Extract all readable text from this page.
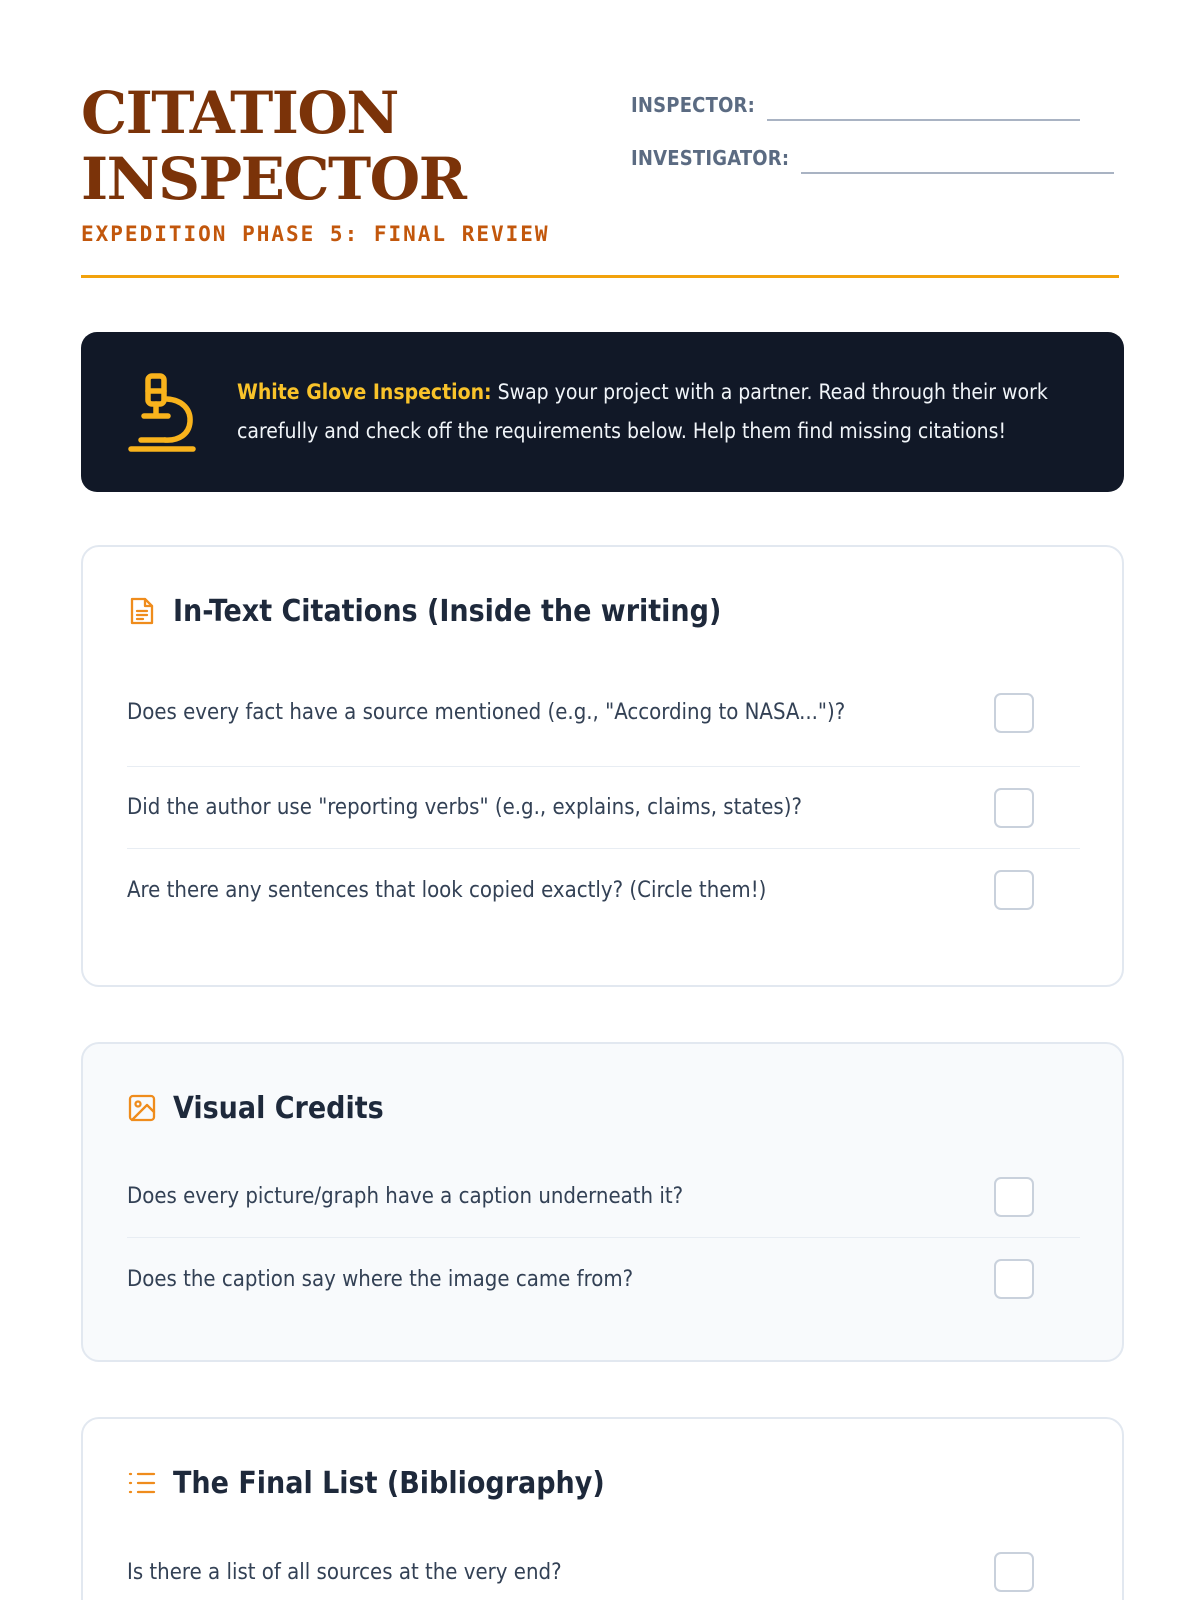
CITATION
INSPECTOR
EXPEDITION PHASE 5: FINAL REVIEW
INSPECTOR:
INVESTIGATOR:
White Glove Inspection: Swap your project with a partner. Read through their work carefully and check off the requirements below. Help them find missing citations!
In-Text Citations (Inside the writing)
Does every fact have a source mentioned (e.g., "According to NASA...")?
Did the author use "reporting verbs" (e.g., explains, claims, states)?
Are there any sentences that look copied exactly? (Circle them!)
Visual Credits
Does every picture/graph have a caption underneath it?
Does the caption say where the image came from?
The Final List (Bibliography)
Is there a list of all sources at the very end?
